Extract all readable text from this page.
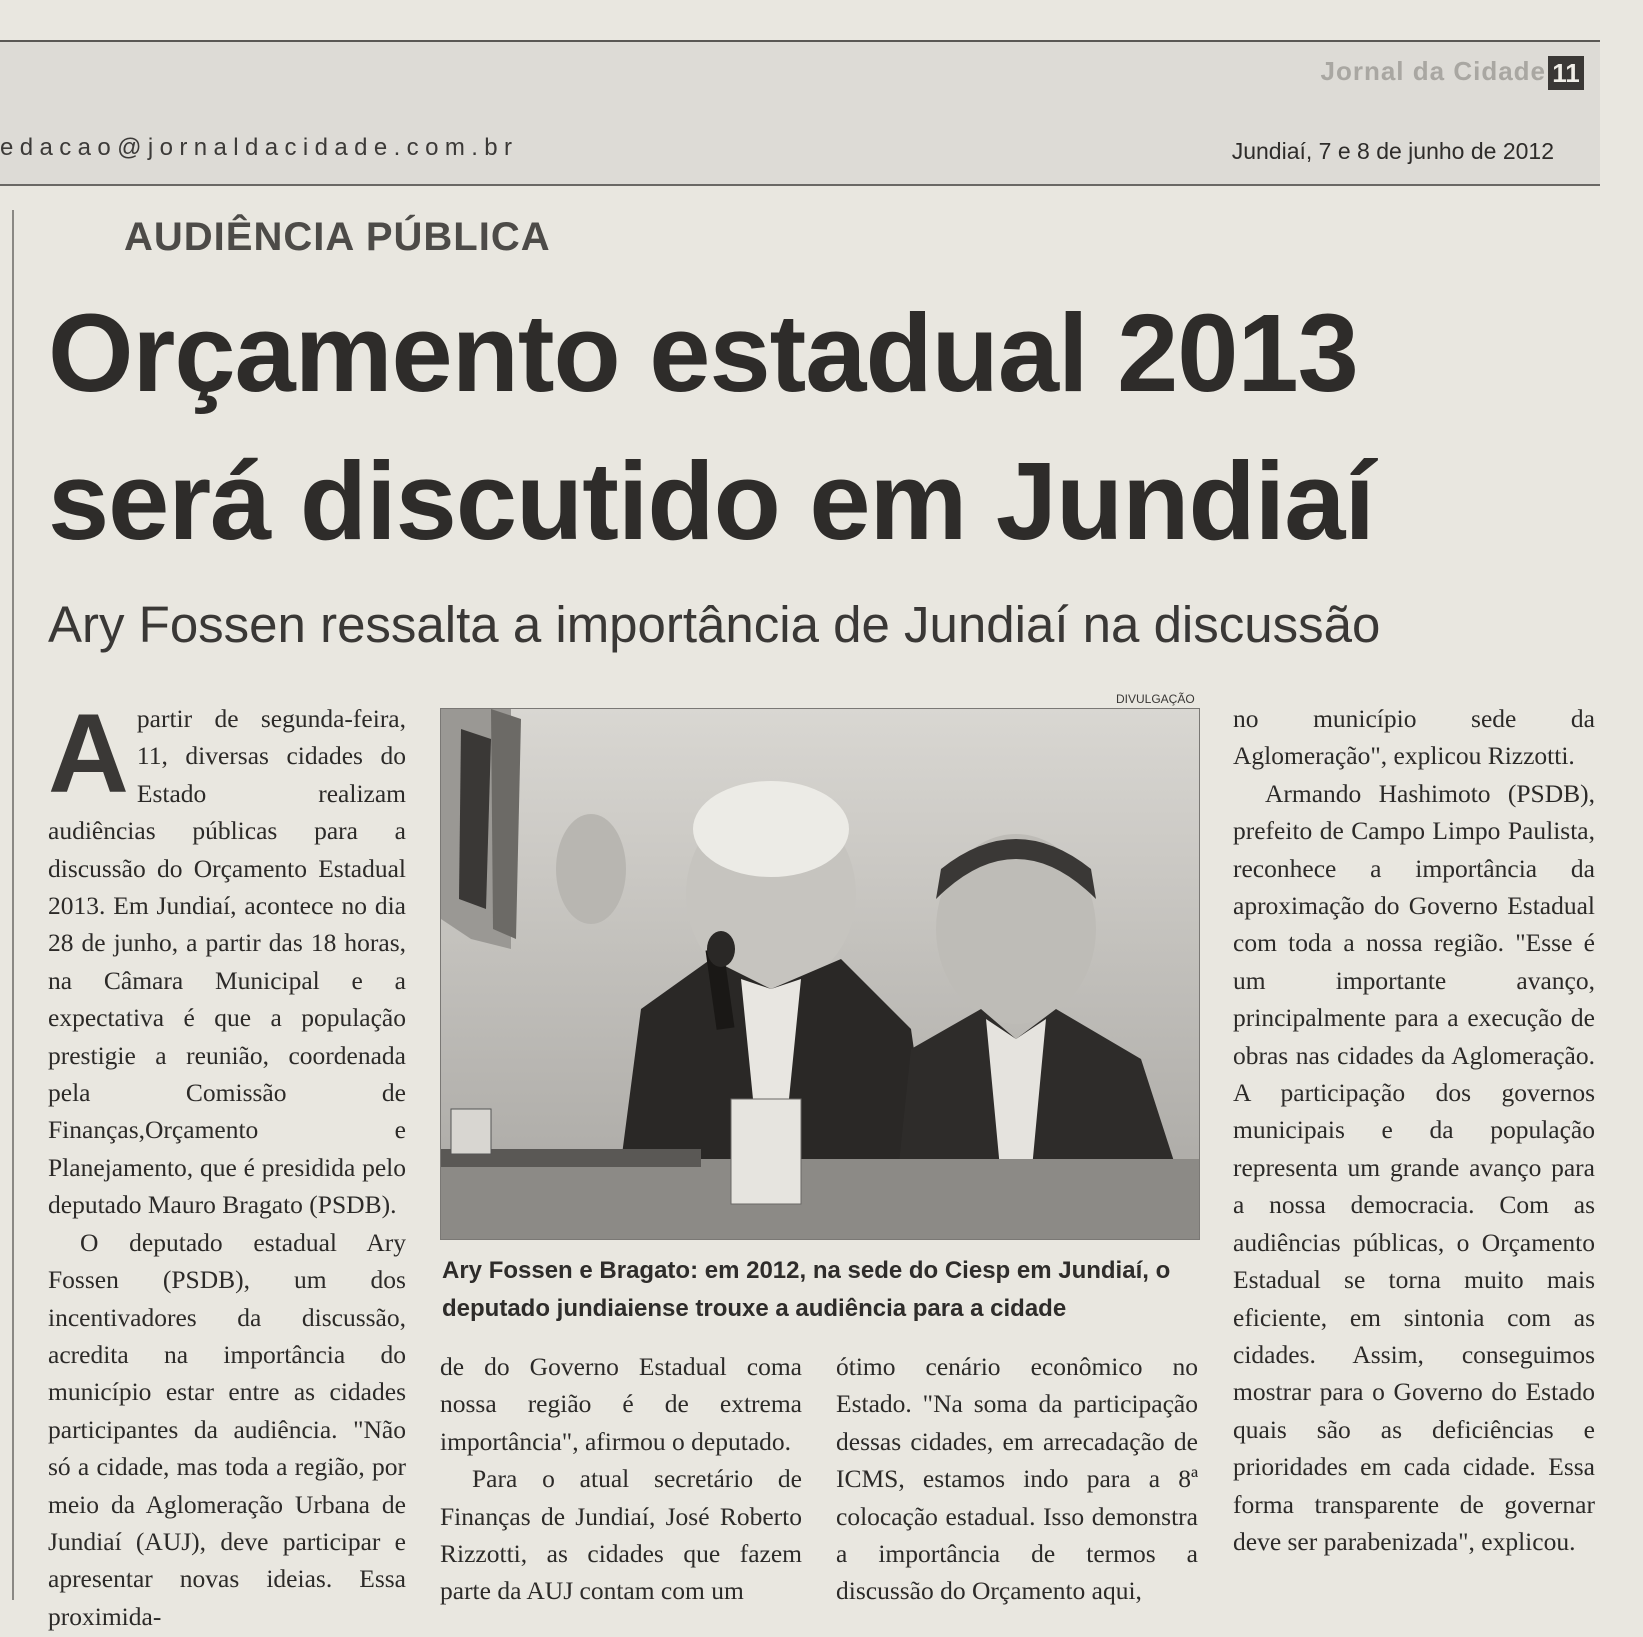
Jornal da Cidade 11
edacao@jornaldacidade.com.br	Jundiaí, 7 e 8 de junho de 2012
AUDIÊNCIA PÚBLICA
Orçamento estadual 2013
será discutido em Jundiaí
Ary Fossen ressalta a importância de Jundiaí na discussão

Apartir de segunda-feira, 11, diversas cidades do Estado realizam audiências públicas para a discussão do Orçamento Estadual 2013. Em Jundiaí, acontece no dia 28 de junho, a partir das 18 horas, na Câmara Municipal e a expectativa é que a população prestigie a reunião, coordenada pela Comissão de Finanças,Orçamento e Planejamento, que é presidida pelo deputado Mauro Bragato (PSDB).

O deputado estadual Ary Fossen (PSDB), um dos incentivadores da discussão, acredita na importância do município estar entre as cidades participantes da audiência. "Não só a cidade, mas toda a região, por meio da Aglomeração Urbana de Jundiaí (AUJ), deve participar e apresentar novas ideias. Essa proximida-

DIVULGAÇÃO
Ary Fossen e Bragato: em 2012, na sede do Ciesp em Jundiaí, o deputado jundiaiense trouxe a audiência para a cidade

de do Governo Estadual coma nossa região é de extrema importância", afirmou o deputado.

Para o atual secretário de Finanças de Jundiaí, José Roberto Rizzotti, as cidades que fazem parte da AUJ contam com um

ótimo cenário econômico no Estado. "Na soma da participação dessas cidades, em arrecadação de ICMS, estamos indo para a 8ª colocação estadual. Isso demonstra a importância de termos a discussão do Orçamento aqui,

no município sede da Aglomeração", explicou Rizzotti.

Armando Hashimoto (PSDB), prefeito de Campo Limpo Paulista, reconhece a importância da aproximação do Governo Estadual com toda a nossa região. "Esse é um importante avanço, principalmente para a execução de obras nas cidades da Aglomeração. A participação dos governos municipais e da população representa um grande avanço para a nossa democracia. Com as audiências públicas, o Orçamento Estadual se torna muito mais eficiente, em sintonia com as cidades. Assim, conseguimos mostrar para o Governo do Estado quais são as deficiências e prioridades em cada cidade. Essa forma transparente de governar deve ser parabenizada", explicou.
